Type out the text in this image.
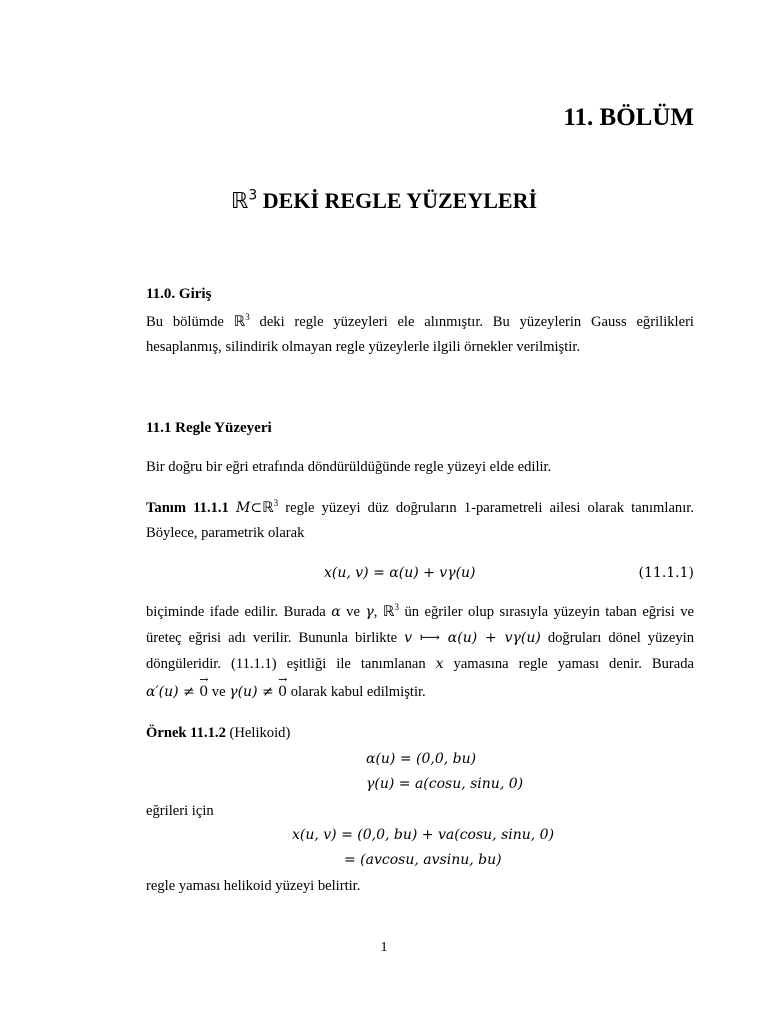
11. BÖLÜM
ℝ$^3$ DEKİ REGLE YÜZEYLERİ
11.0. Giriş
Bu bölümde ℝ$^3$ deki regle yüzeyleri ele alınmıştır. Bu yüzeylerin Gauss eğrilikleri
hesaplanmış, silindirik olmayan regle yüzeylerle ilgili örnekler verilmiştir.
11.1 Regle Yüzeyeri
Bir doğru bir eğri etrafında döndürüldüğünde regle yüzeyi elde edilir.
Tanım 11.1.1 M⊂ℝ$^3$ regle yüzeyi düz doğruların 1-parametreli ailesi olarak tanımlanır.
Böylece, parametrik olarak
x(u, v) = α(u) + vγ(u)	(11.1.1)
biçiminde ifade edilir. Burada α ve γ, ℝ$^3$ ün eğriler olup sırasıyla yüzeyin taban eğrisi ve
üreteç eğrisi adı verilir. Bununla birlikte v ⟼ α(u) + vγ(u) doğruları dönel yüzeyin
döngüleridir. (11.1.1) eşitliği ile tanımlanan x yamasına regle yaması denir. Burada
α′(u) ≠
→
0 ve γ(u) ≠
→
0 olarak kabul edilmiştir.
Örnek 11.1.2 (Helikoid)
α(u) = (0,0, bu)
γ(u) = a(cosu, sinu, 0)
eğrileri için
x(u, v) = (0,0, bu) + va(cosu, sinu, 0)
= (avcosu, avsinu, bu)
regle yaması helikoid yüzeyi belirtir.
1
